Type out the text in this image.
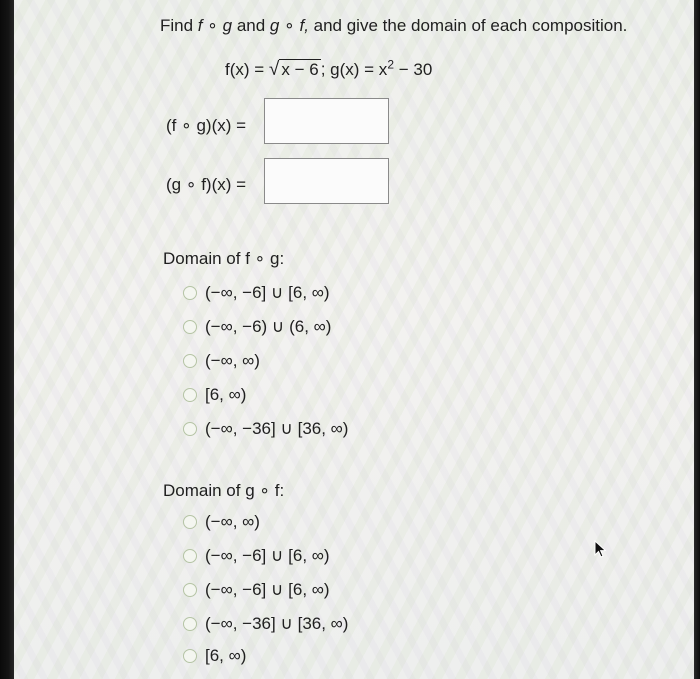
Find f ∘ g and g ∘ f, and give the domain of each composition.
f(x) = √ x − 6 ; $g(x) = x^2 - 30$
(f ∘ g)(x) =
(g ∘ f)(x) =
Domain of f ∘ g:
(−∞, −6] ∪ [6, ∞)
(−∞, −6) ∪ (6, ∞)
(−∞, ∞)
[6, ∞)
(−∞, −36] ∪ [36, ∞)
Domain of g ∘ f:
(−∞, ∞)
(−∞, −6] ∪ [6, ∞)
(−∞, −6] ∪ [6, ∞)
(−∞, −36] ∪ [36, ∞)
[6, ∞)
